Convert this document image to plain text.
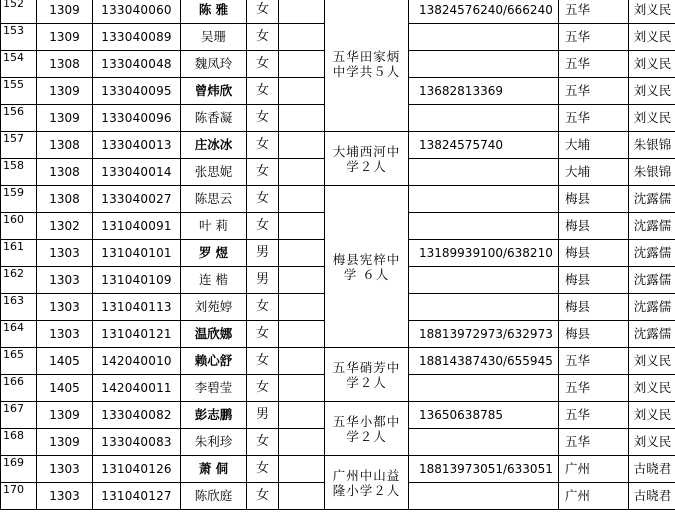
152	1309	133040060	陈 雅	女		五华田家炳中学共５人	13824576240/666240	五华	刘义民
153	1309	133040089	吴珊	女				五华	刘义民
154	1308	133040048	魏凤玲	女				五华	刘义民
155	1309	133040095	曾炜欣	女			13682813369	五华	刘义民
156	1309	133040096	陈香凝	女				五华	刘义民
157	1308	133040013	庄冰冰	女		大埔西河中学２人	13824575740	大埔	朱银锦
158	1308	133040014	张思妮	女				大埔	朱银锦
159	1308	133040027	陈思云	女		梅县宪梓中学 ６人		梅县	沈露儒
160	1302	131040091	叶 莉	女				梅县	沈露儒
161	1303	131040101	罗 煜	男			13189939100/638210	梅县	沈露儒
162	1303	131040109	连 楷	男				梅县	沈露儒
163	1303	131040113	刘苑婷	女				梅县	沈露儒
164	1303	131040121	温欣娜	女			18813972973/632973	梅县	沈露儒
165	1405	142040010	赖心舒	女		五华硝芳中学２人	18814387430/655945	五华	刘义民
166	1405	142040011	李碧莹	女				五华	刘义民
167	1309	133040082	彭志鹏	男		五华小都中学２人	13650638785	五华	刘义民
168	1309	133040083	朱利珍	女				五华	刘义民
169	1303	131040126	萧 侗	女		广州中山益隆小学２人	18813973051/633051	广州	古晓君
170	1303	131040127	陈欣庭	女				广州	古晓君
